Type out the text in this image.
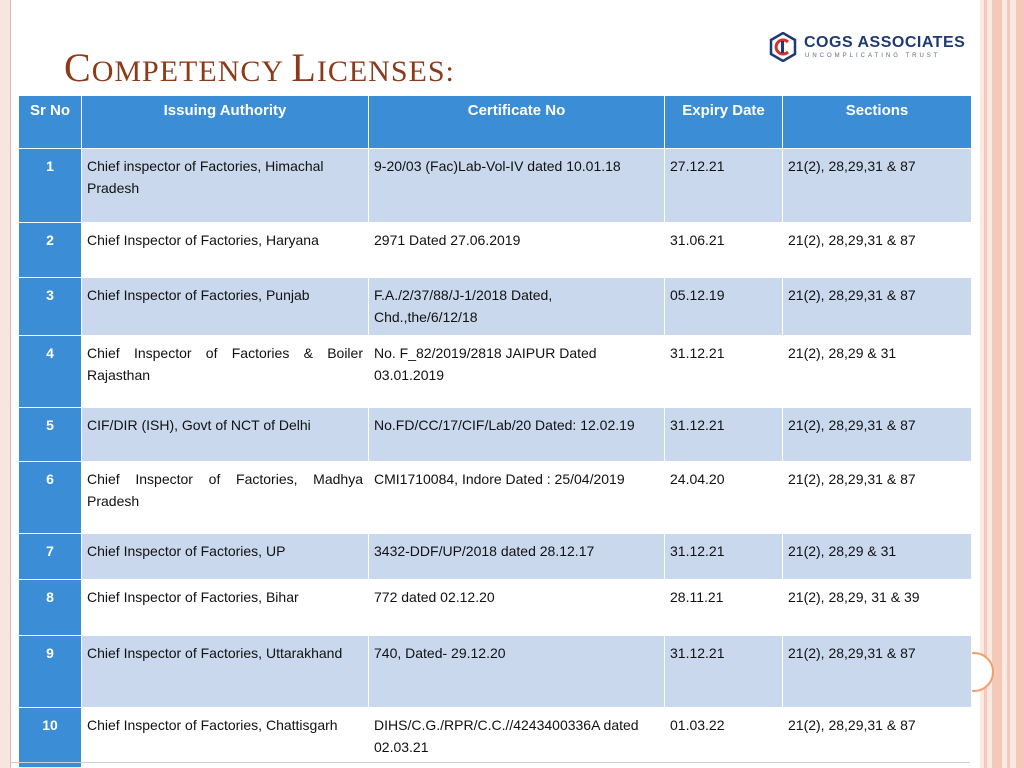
COMPETENCY LICENSES:
COGS ASSOCIATES
UNCOMPLICATING TRUST
Sr No	Issuing Authority	Certificate No	Expiry Date	Sections
1	Chief inspector of Factories, Himachal Pradesh	9-20/03 (Fac)Lab-Vol-IV dated 10.01.18	27.12.21	21(2), 28,29,31 & 87
2	Chief Inspector of Factories, Haryana	2971 Dated 27.06.2019	31.06.21	21(2), 28,29,31 & 87
3	Chief Inspector of Factories, Punjab	F.A./2/37/88/J-1/2018 Dated, Chd.,the/6/12/18	05.12.19	21(2), 28,29,31 & 87
4	Chief Inspector of Factories & Boiler Rajasthan	No. F_82/2019/2818 JAIPUR Dated 03.01.2019	31.12.21	21(2), 28,29 & 31
5	CIF/DIR (ISH), Govt of NCT of Delhi	No.FD/CC/17/CIF/Lab/20 Dated: 12.02.19	31.12.21	21(2), 28,29,31 & 87
6	Chief Inspector of Factories, Madhya Pradesh	CMI1710084, Indore Dated : 25/04/2019	24.04.20	21(2), 28,29,31 & 87
7	Chief Inspector of Factories, UP	3432-DDF/UP/2018 dated 28.12.17	31.12.21	21(2), 28,29 & 31
8	Chief Inspector of Factories, Bihar	772 dated 02.12.20	28.11.21	21(2), 28,29, 31 & 39
9	Chief Inspector of Factories, Uttarakhand	740, Dated- 29.12.20	31.12.21	21(2), 28,29,31 & 87
10	Chief Inspector of Factories, Chattisgarh	DIHS/C.G./RPR/C.C.//4243400336A dated 02.03.21	01.03.22	21(2), 28,29,31 & 87
